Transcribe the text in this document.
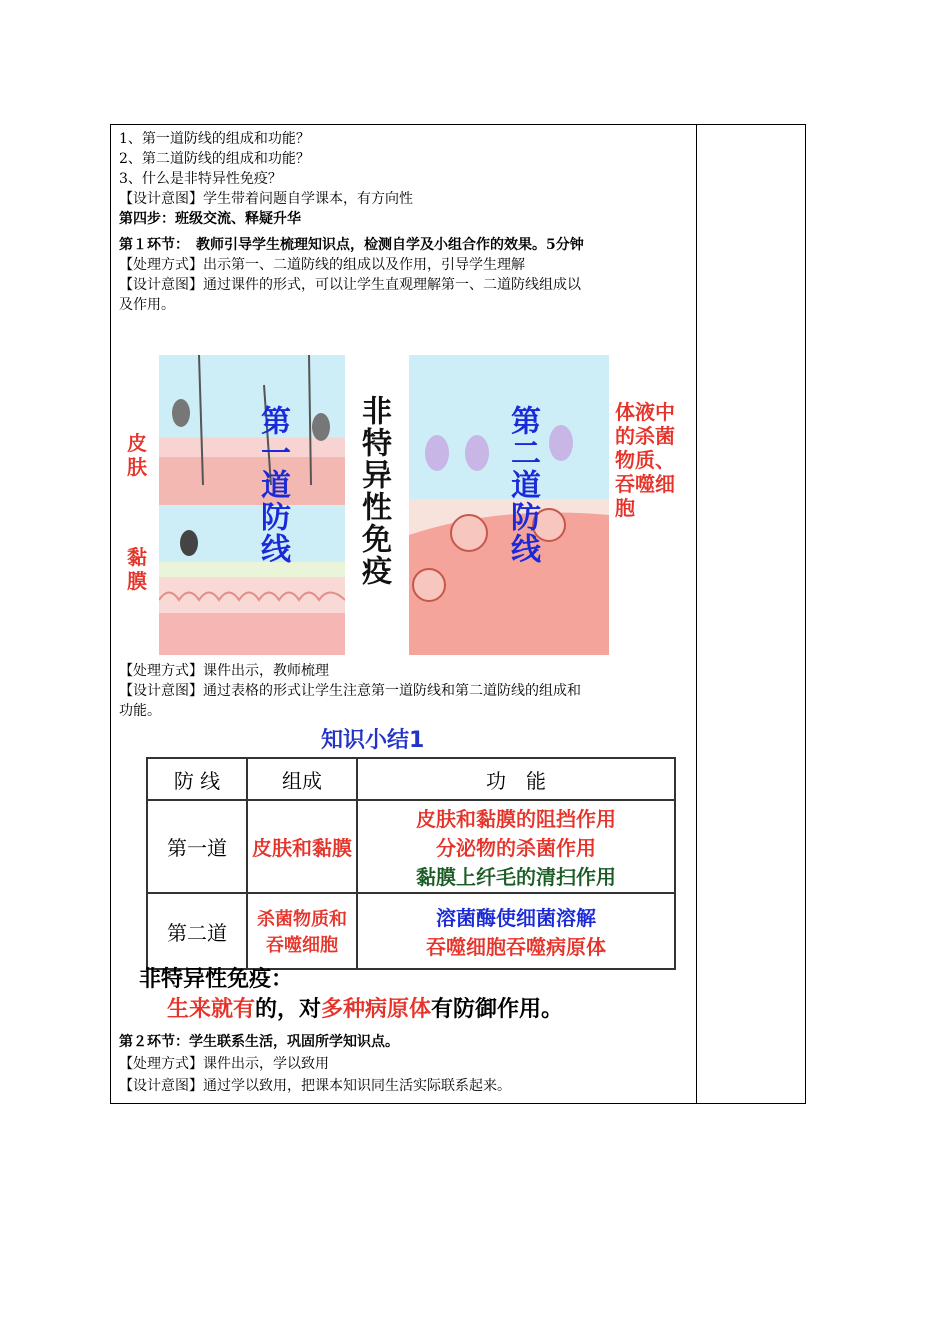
1、第一道防线的组成和功能？
2、第二道防线的组成和功能？
3、什么是非特异性免疫？
【设计意图】学生带着问题自学课本，有方向性
第四步：班级交流、释疑升华
第１环节：　教师引导学生梳理知识点，检测自学及小组合作的效果。5分钟
【处理方式】出示第一、二道防线的组成以及作用，引导学生理解
【设计意图】通过课件的形式，可以让学生直观理解第一、二道防线组成以
及作用。
皮肤
黏膜
第一道防线 非特异性免疫	第二道防线	体液中的杀菌物质、吞噬细胞
【处理方式】课件出示，教师梳理
【设计意图】通过表格的形式让学生注意第一道防线和第二道防线的组成和
功能。
知识小结1
防 线	组成	功　能
第一道	皮肤和黏膜	皮肤和黏膜的阻挡作用
分泌物的杀菌作用
黏膜上纤毛的清扫作用

第二道	杀菌物质和吞噬细胞	溶菌酶使细菌溶解
吞噬细胞吞噬病原体
非特异性免疫：
生来就有的，对多种病原体有防御作用。
第２环节：学生联系生活，巩固所学知识点。
【处理方式】课件出示，学以致用
【设计意图】通过学以致用，把课本知识同生活实际联系起来。
